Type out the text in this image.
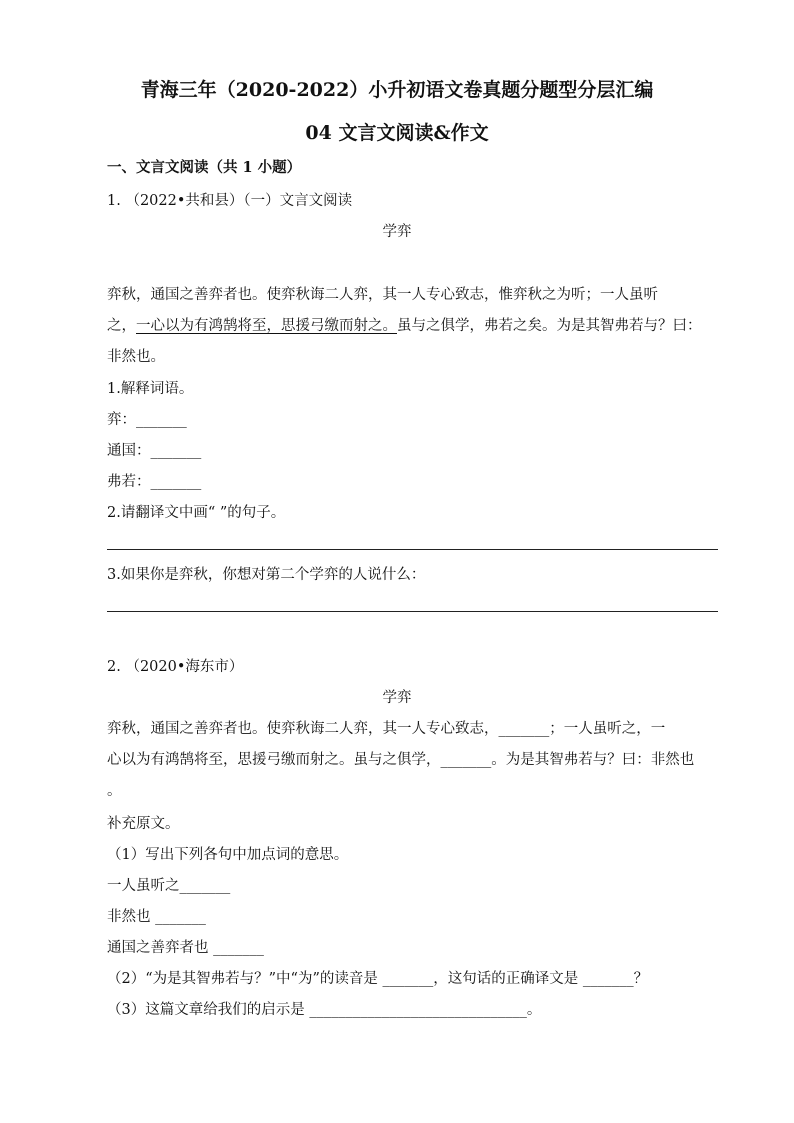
青海三年（2020-2022）小升初语文卷真题分题型分层汇编
04 文言文阅读&作文
一、文言文阅读（共 1 小题）
1. （2022•共和县）（一）文言文阅读
学弈
弈秋，通国之善弈者也。使弈秋诲二人弈，其一人专心致志，惟弈秋之为听；一人虽听
之，一心以为有鸿鹄将至，思援弓缴而射之。虽与之俱学，弗若之矣。为是其智弗若与？曰：
非然也。
1.解释词语。
弈：_______
通国：_______
弗若：_______
2.请翻译文中画“ ”的句子。
3.如果你是弈秋，你想对第二个学弈的人说什么：
2. （2020•海东市）
学弈
弈秋，通国之善弈者也。使弈秋诲二人弈，其一人专心致志，_______；一人虽听之，一
心以为有鸿鹄将至，思援弓缴而射之。虽与之俱学，_______。为是其智弗若与？曰：非然也
。
补充原文。
（1）写出下列各句中加点词的意思。
一人虽听之_______
非然也 _______
通国之善弈者也 _______
（2）“为是其智弗若与？”中“为”的读音是 _______，这句话的正确译文是 _______？
（3）这篇文章给我们的启示是 ______________________________。
